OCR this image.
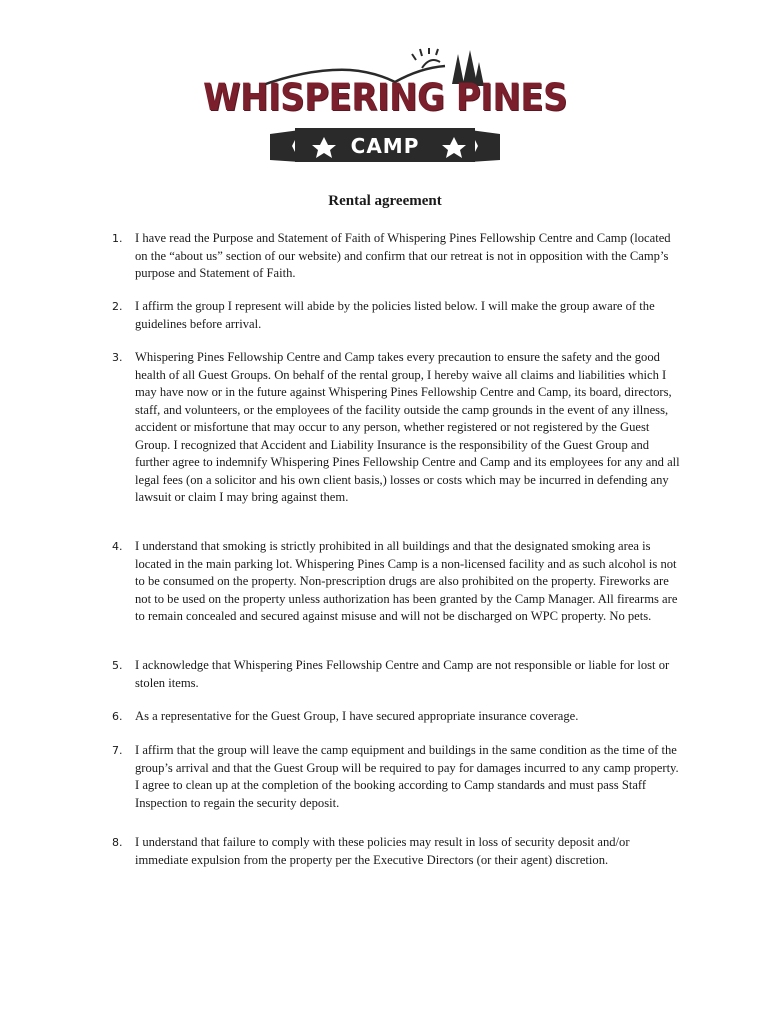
WHISPERING PINES
CAMP
Rental agreement
1. I have read the Purpose and Statement of Faith of Whispering Pines Fellowship Centre and Camp (located on the “about us” section of our website) and confirm that our retreat is not in opposition with the Camp’s purpose and Statement of Faith.
2. I affirm the group I represent will abide by the policies listed below. I will make the group aware of the guidelines before arrival.
3. Whispering Pines Fellowship Centre and Camp takes every precaution to ensure the safety and the good health of all Guest Groups. On behalf of the rental group, I hereby waive all claims and liabilities which I may have now or in the future against Whispering Pines Fellowship Centre and Camp, its board, directors, staff, and volunteers, or the employees of the facility outside the camp grounds in the event of any illness, accident or misfortune that may occur to any person, whether registered or not registered by the Guest Group. I recognized that Accident and Liability Insurance is the responsibility of the Guest Group and further agree to indemnify Whispering Pines Fellowship Centre and Camp and its employees for any and all legal fees (on a solicitor and his own client basis,) losses or costs which may be incurred in defending any lawsuit or claim I may bring against them.
4. I understand that smoking is strictly prohibited in all buildings and that the designated smoking area is located in the main parking lot. Whispering Pines Camp is a non-licensed facility and as such alcohol is not to be consumed on the property. Non-prescription drugs are also prohibited on the property. Fireworks are not to be used on the property unless authorization has been granted by the Camp Manager. All firearms are to remain concealed and secured against misuse and will not be discharged on WPC property. No pets.
5. I acknowledge that Whispering Pines Fellowship Centre and Camp are not responsible or liable for lost or stolen items.
6. As a representative for the Guest Group, I have secured appropriate insurance coverage.
7. I affirm that the group will leave the camp equipment and buildings in the same condition as the time of the group’s arrival and that the Guest Group will be required to pay for damages incurred to any camp property. I agree to clean up at the completion of the booking according to Camp standards and must pass Staff Inspection to regain the security deposit.
8. I understand that failure to comply with these policies may result in loss of security deposit and/or immediate expulsion from the property per the Executive Directors (or their agent) discretion.
